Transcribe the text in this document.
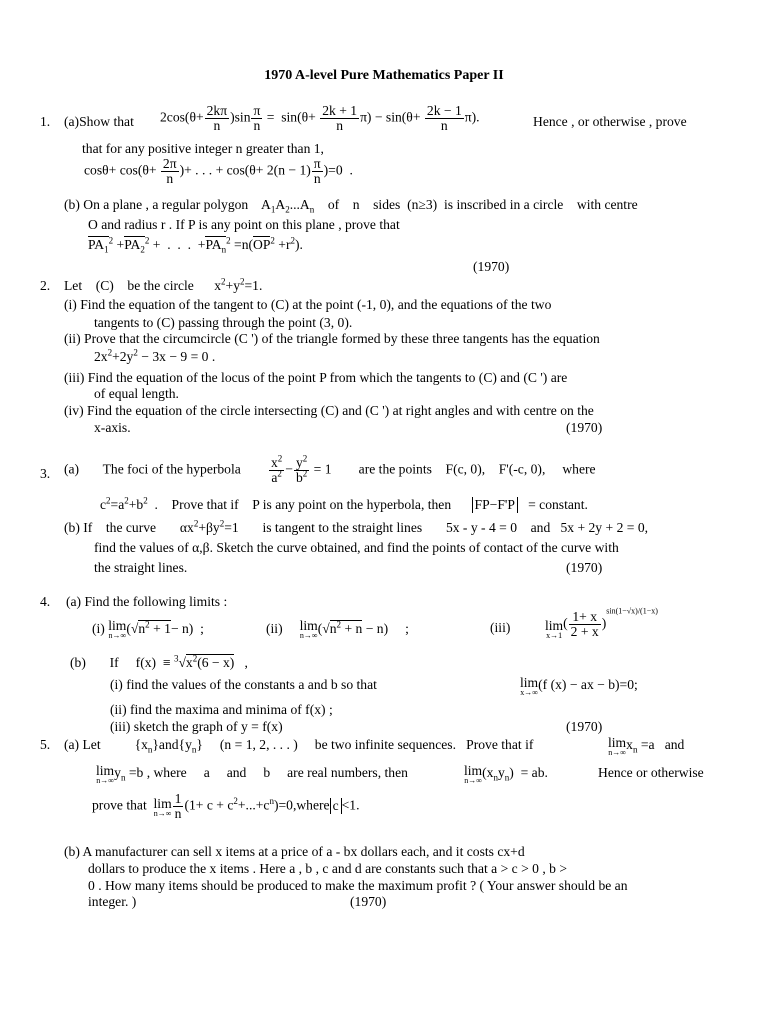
1970 A-level Pure Mathematics Paper II
1. (a)Show that $2\cos(\theta+ \frac{2k\pi}{n} )\sin \frac{\pi}{n} = \sin(\theta+ \frac{2k + 1}{n} \pi) - \sin(\theta+ \frac{2k - 1}{n} \pi)$.	Hence , or otherwise , prove
that for any positive integer n greater than 1,
$\cos\theta+ \cos(\theta+ \frac{2\pi}{n}$ )+ . . . + $\cos(\theta+ 2(n - 1) \frac{\pi}{n} )=0$  .
(b) On a plane , a regular polygon    $A_1A_2...A_n$    of    n    sides  (n≥3)  is inscribed in a circle    with centre
O and radius r . If P is any point on this plane , prove that
$PA_1^2 +PA_2^2$ +  .  .  .  $+PA_n^2 =n(OP^2 +r^2)$.
(1970)
2. Let    (C)    be the circle      $x^2+y^2=1$.
(i) Find the equation of the tangent to (C) at the point (-1, 0), and the equations of the two
tangents to (C) passing through the point (3, 0).
(ii) Prove that the circumcircle (C ') of the triangle formed by these three tangents has the equation
$2x^2+2y^2 - 3x - 9 = 0$ .
(iii) Find the equation of the locus of the point P from which the tangents to (C) and (C ') are
of equal length.
(iv) Find the equation of the circle intersecting (C) and (C ') at right angles and with centre on the
x-axis.	(1970)
3. (a)       The foci of the hyperbola $\frac{x^2}{a^2} - \frac{y^2}{b^2} = 1$        are the points    F(c, 0),    F'(-c, 0),     where
$c^2=a^2+b^2$  .    Prove that if    P is any point on the hyperbola, then      FP−F'P   = constant.
(b) If    the curve       $\alpha x^2+\beta y^2=1$       is tangent to the straight lines       5x - y - 4 = 0    and   5x + 2y + 2 = 0,
find the values of α,β. Sketch the curve obtained, and find the points of contact of the curve with
the straight lines.	(1970)
4. (a) Find the following limits :
(i) lim
n→∞ $(√n^2 + 1- n)$  ;	(ii) lim
n→∞ $(√n^2 + n - n)$     ;	(iii)	lim
x→1
( $\frac{1+ x}{2 + x} )^{sin(1-√x)/(1-x)}$
(b)       If     $f(x) \equiv ^3√x^2(6 - x)$   ,
(i) find the values of the constants a and b so that	lim
x→∞
(f (x) − ax − b)=0;
(ii) find the maxima and minima of f(x) ;
(iii) sketch the graph of y = f(x)	(1970)
5. (a) Let          $\{x_n\}and\{y_n\}$     (n = 1, 2, . . . )     be two infinite sequences.   Prove that if	lim
n→∞
$x_n =a$   and
lim
n→∞
$y_n =b$ , where     a     and     b     are real numbers, then	lim
n→∞
$(x_ny_n)$  = ab.	Hence or otherwise
prove that lim
$n\to\infty \frac{1}{n} (1+ c$ + $c^2+...+c^n)=0,where$ c <1.
(b) A manufacturer can sell x items at a price of a - bx dollars each, and it costs cx+d
dollars to produce the x items . Here a , b , c and d are constants such that a > c > 0 , b >
0 . How many items should be produced to make the maximum profit ? ( Your answer should be an
integer. )	(1970)
